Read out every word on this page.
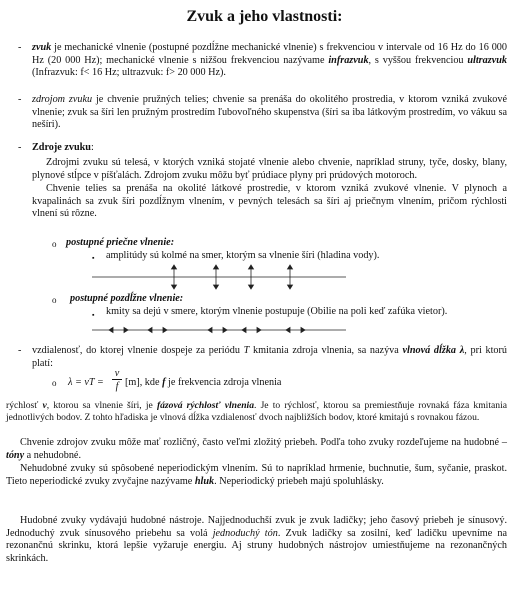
Zvuk a jeho vlastnosti:
- zvuk je mechanické vlnenie (postupné pozdĺžne mechanické vlnenie) s frekvenciou v intervale od 16 Hz do 16 000 Hz (20 000 Hz); mechanické vlnenie s nižšou frekvenciou nazývame infrazvuk, s vyššou frekvenciou ultrazvuk (Infrazvuk: f< 16 Hz; ultrazvuk: f> 20 000 Hz).

- zdrojom zvuku je chvenie pružných telies; chvenie sa prenáša do okolitého prostredia, v ktorom vzniká zvukové vlnenie; zvuk sa šíri len pružným prostredím ľubovoľného skupenstva (šíri sa iba látkovým prostredím, vo vákuu sa nešíri).

- Zdroje zvuku:

Zdrojmi zvuku sú telesá, v ktorých vzniká stojaté vlnenie alebo chvenie, napríklad struny, tyče, dosky, blany, plynové stĺpce v píšťalách. Zdrojom zvuku môžu byť prúdiace plyny pri prúdových motoroch.

Chvenie telies sa prenáša na okolité látkové prostredie, v ktorom vzniká zvukové vlnenie. V plynoch a kvapalinách sa zvuk šíri pozdĺžnym vlnením, v pevných telesách sa šíri aj priečnym vlnením, pričom rýchlosti vlnení sú rôzne.

o postupné priečne vlnenie:
▪ amplitúdy sú kolmé na smer, ktorým sa vlnenie šíri (hladina vody).
o postupné pozdĺžne vlnenie:
▪ kmity sa dejú v smere, ktorým vlnenie postupuje (Obilie na poli keď zafúka vietor).
- vzdialenosť, do ktorej vlnenie dospeje za periódu T kmitania zdroja vlnenia, sa nazýva vlnová dĺžka λ, pri ktorú platí:

o λ = vT =
v
f [m], kde f je frekvencia zdroja vlnenia

rýchlosť v, ktorou sa vlnenie šíri, je fázová rýchlosť vlnenia. Je to rýchlosť, ktorou sa premiestňuje rovnaká fáza kmitania jednotlivých bodov. Z tohto hľadiska je vlnová dĺžka vzdialenosť dvoch najbližších bodov, ktoré kmitajú s rovnakou fázou.

Chvenie zdrojov zvuku môže mať rozličný, často veľmi zložitý priebeh. Podľa toho zvuky rozdeľujeme na hudobné – tóny a nehudobné.

Nehudobné zvuky sú spôsobené neperiodickým vlnením. Sú to napríklad hrmenie, buchnutie, šum, syčanie, praskot. Tieto neperiodické zvuky zvyčajne nazývame hluk. Neperiodický priebeh majú spoluhlásky.

Hudobné zvuky vydávajú hudobné nástroje. Najjednoduchší zvuk je zvuk ladičky; jeho časový priebeh je sínusový. Jednoduchý zvuk sínusového priebehu sa volá jednoduchý tón. Zvuk ladičky sa zosilní, keď ladičku upevníme na rezonančnú skrinku, ktorá lepšie vyžaruje energiu. Aj struny hudobných nástrojov umiestňujeme na rezonančných skrinkách.
